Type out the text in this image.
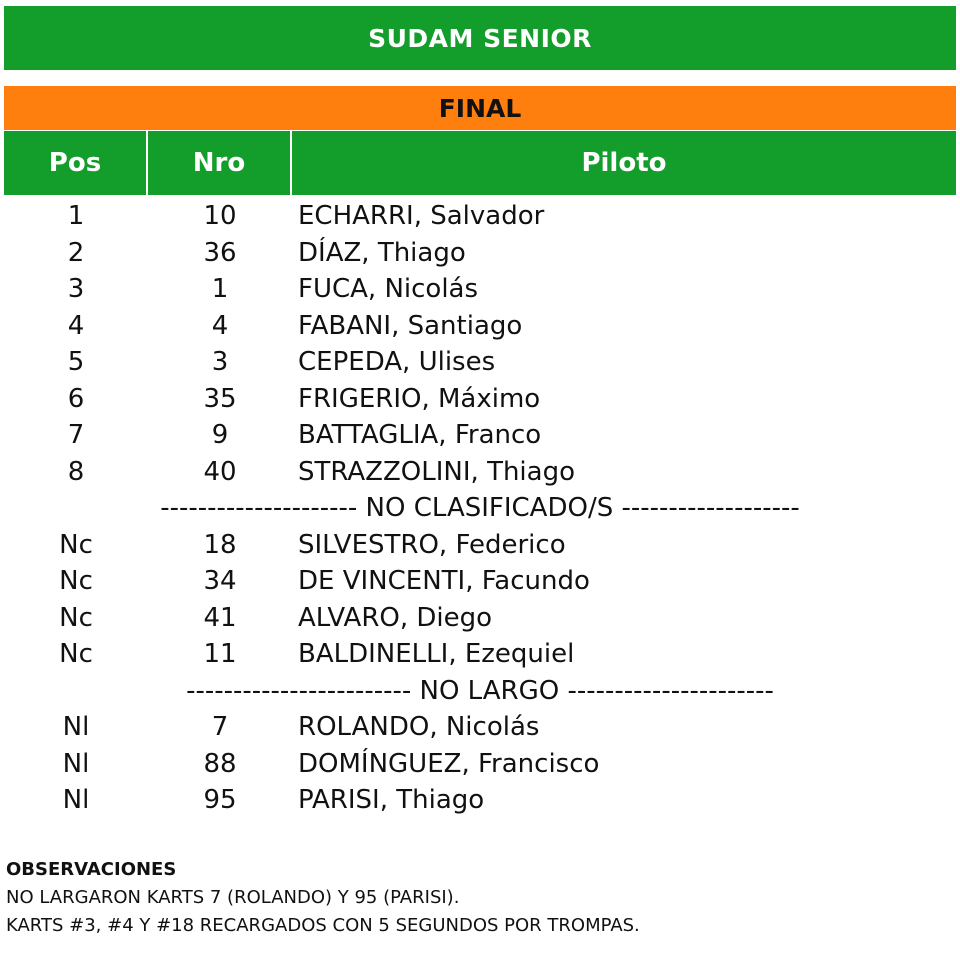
SUDAM SENIOR
FINAL
Pos	Nro	Piloto
1	10	ECHARRI, Salvador
2	36	DÍAZ, Thiago
3	1	FUCA, Nicolás
4	4	FABANI, Santiago
5	3	CEPEDA, Ulises
6	35	FRIGERIO, Máximo
7	9	BATTAGLIA, Franco
8	40	STRAZZOLINI, Thiago
--------------------- NO CLASIFICADO/S -------------------
Nc	18	SILVESTRO, Federico
Nc	34	DE VINCENTI, Facundo
Nc	41	ALVARO, Diego
Nc	11	BALDINELLI, Ezequiel
------------------------ NO LARGO ----------------------
Nl	7	ROLANDO, Nicolás
Nl	88	DOMÍNGUEZ, Francisco
Nl	95	PARISI, Thiago
OBSERVACIONES
NO LARGARON KARTS 7 (ROLANDO) Y 95 (PARISI).
KARTS #3, #4 Y #18 RECARGADOS CON 5 SEGUNDOS POR TROMPAS.
